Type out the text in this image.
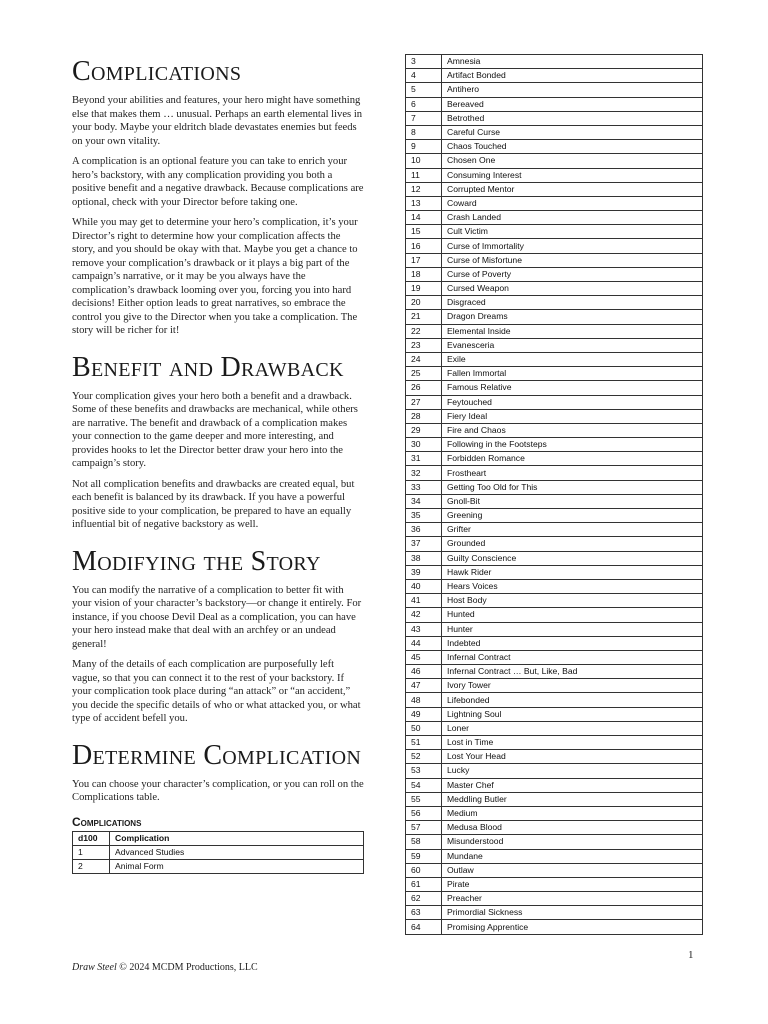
Complications

Beyond your abilities and features, your hero might have something else that makes them … unusual. Perhaps an earth elemental lives in your body. Maybe your eldritch blade devastates enemies but feeds on your own vitality.

A complication is an optional feature you can take to enrich your hero’s backstory, with any complication providing you both a positive benefit and a negative drawback. Because complications are optional, check with your Director before taking one.

While you may get to determine your hero’s complication, it’s your Director’s right to determine how your complication affects the story, and you should be okay with that. Maybe you get a chance to remove your complication’s drawback or it plays a big part of the campaign’s narrative, or it may be you always have the complication’s drawback looming over you, forcing you into hard decisions! Either option leads to great narratives, so embrace the control you give to the Director when you take a complication. The story will be richer for it!

Benefit and Drawback

Your complication gives your hero both a benefit and a drawback. Some of these benefits and drawbacks are mechanical, while others are narrative. The benefit and drawback of a complication makes your connection to the game deeper and more interesting, and provides hooks to let the Director better draw your hero into the campaign’s story.

Not all complication benefits and drawbacks are created equal, but each benefit is balanced by its drawback. If you have a powerful positive side to your complication, be prepared to have an equally influential bit of negative backstory as well.

Modifying the Story

You can modify the narrative of a complication to better fit with your vision of your character’s backstory—or change it entirely. For instance, if you choose Devil Deal as a complication, you can have your hero instead make that deal with an archfey or an undead general!

Many of the details of each complication are purposefully left vague, so that you can connect it to the rest of your backstory. If your complication took place during “an attack” or “an accident,” you decide the specific details of who or what attacked you, or what type of accident befell you.

Determine Complication

You can choose your character’s complication, or you can roll on the Complications table.

Complications
d100	Complication
1	Advanced Studies
2	Animal Form
3	Amnesia
4	Artifact Bonded
5	Antihero
6	Bereaved
7	Betrothed
8	Careful Curse
9	Chaos Touched
10	Chosen One
11	Consuming Interest
12	Corrupted Mentor
13	Coward
14	Crash Landed
15	Cult Victim
16	Curse of Immortality
17	Curse of Misfortune
18	Curse of Poverty
19	Cursed Weapon
20	Disgraced
21	Dragon Dreams
22	Elemental Inside
23	Evanesceria
24	Exile
25	Fallen Immortal
26	Famous Relative
27	Feytouched
28	Fiery Ideal
29	Fire and Chaos
30	Following in the Footsteps
31	Forbidden Romance
32	Frostheart
33	Getting Too Old for This
34	Gnoll-Bit
35	Greening
36	Grifter
37	Grounded
38	Guilty Conscience
39	Hawk Rider
40	Hears Voices
41	Host Body
42	Hunted
43	Hunter
44	Indebted
45	Infernal Contract
46	Infernal Contract … But, Like, Bad
47	Ivory Tower
48	Lifebonded
49	Lightning Soul
50	Loner
51	Lost in Time
52	Lost Your Head
53	Lucky
54	Master Chef
55	Meddling Butler
56	Medium
57	Medusa Blood
58	Misunderstood
59	Mundane
60	Outlaw
61	Pirate
62	Preacher
63	Primordial Sickness
64	Promising Apprentice
Draw Steel © 2024 MCDM Productions, LLC
1
